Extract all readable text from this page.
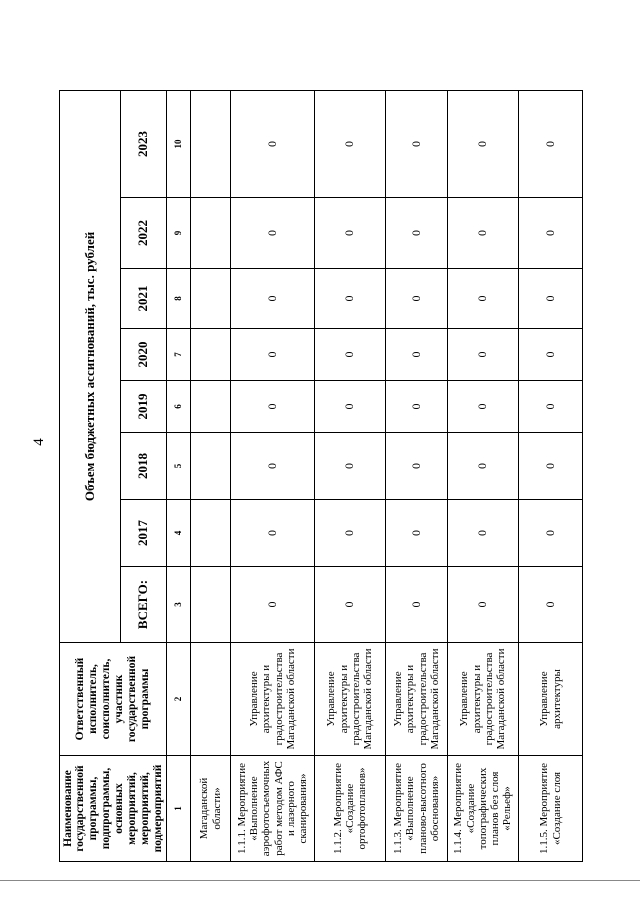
4
Наименование государственной программы, подпрограммы, основных мероприятий, мероприятий, подмероприятий	Ответственный исполнитель, соисполнитель, участник государственной программы	Объем бюджетных ассигнований, тыс. рублей							
		ВСЕГО:	2017	2018	2019	2020	2021	2022	2023
1	2	3	4	5	6	7	8	9	10
Магаданской области»									
1.1.1. Мероприятие «Выполнение аэрофотосъемочных работ методом АФС и лазерного сканирования»	Управление архитектуры и градостроительства Магаданской области	0	0	0	0	0	0	0	0
1.1.2. Мероприятие «Создание ортофотопланов»	Управление архитектуры и градостроительства Магаданской области	0	0	0	0	0	0	0	0
1.1.3. Мероприятие «Выполнение планово-высотного обоснования»	Управление архитектуры и градостроительства Магаданской области	0	0	0	0	0	0	0	0
1.1.4. Мероприятие «Создание топографических планов без слоя «Рельеф»	Управление архитектуры и градостроительства Магаданской области	0	0	0	0	0	0	0	0
1.1.5. Мероприятие «Создание слоя	Управление архитектуры	0	0	0	0	0	0	0	0
